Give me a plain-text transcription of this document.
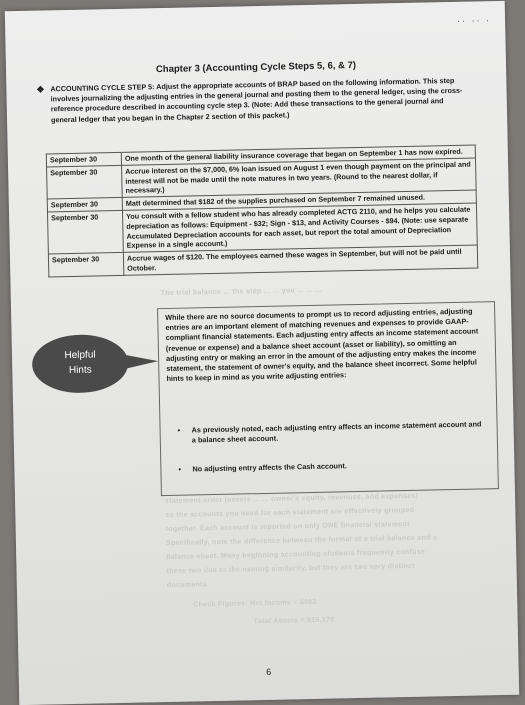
·· ·· ·
Chapter 3 (Accounting Cycle Steps 5, 6, & 7)
❖ ACCOUNTING CYCLE STEP 5: Adjust the appropriate accounts of BRAP based on the following information. This step involves journalizing the adjusting entries in the general journal and posting them to the general ledger, using the cross-reference procedure described in accounting cycle step 3. (Note: Add these transactions to the general journal and general ledger that you began in the Chapter 2 section of this packet.)
September 30	One month of the general liability insurance coverage that began on September 1 has now expired.
September 30	Accrue interest on the $7,000, 6% loan issued on August 1 even though payment on the principal and interest will not be made until the note matures in two years. (Round to the nearest dollar, if necessary.)
September 30	Matt determined that $182 of the supplies purchased on September 7 remained unused.
September 30	You consult with a fellow student who has already completed ACTG 2110, and he helps you calculate depreciation as follows: Equipment - $32; Sign - $13, and Activity Courses - $94. (Note: use separate Accumulated Depreciation accounts for each asset, but report the total amount of Depreciation Expense in a single account.)
September 30	Accrue wages of $120. The employees earned these wages in September, but will not be paid until October.
The trial balance ... the step ... ... you ... ... ...
Helpful
Hints
While there are no source documents to prompt us to record adjusting entries, adjusting entries are an important element of matching revenues and expenses to provide GAAP-compliant financial statements. Each adjusting entry affects an income statement account (revenue or expense) and a balance sheet account (asset or liability), so omitting an adjusting entry or making an error in the amount of the adjusting entry makes the income statement, the statement of owner's equity, and the balance sheet incorrect. Some helpful hints to keep in mind as you write adjusting entries:
• As previously noted, each adjusting entry affects an income statement account and a balance sheet account.
• No adjusting entry affects the Cash account.
statement order (assets ... ... owner's equity, revenues, and expenses)
so the accounts you need for each statement are effectively grouped
together. Each account is reported on only ONE financial statement
Specifically, note the difference between the format of a trial balance and a
balance sheet. Many beginning accounting students frequently confuse
these two due to the naming similarity, but they are two very distinct
documents.
Check Figures: Net Income = $983
Total Assets = $15,178
6
